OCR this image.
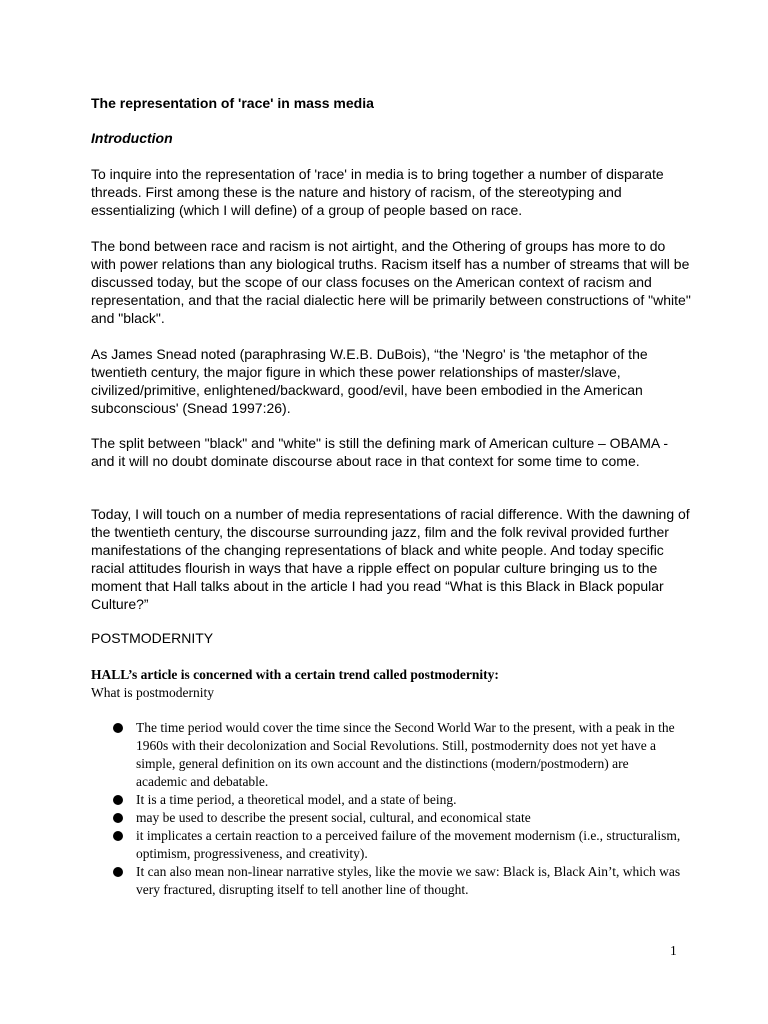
The representation of 'race' in mass media

Introduction

To inquire into the representation of 'race' in media is to bring together a number of disparate threads. First among these is the nature and history of racism, of the stereotyping and essentializing (which I will define) of a group of people based on race.

The bond between race and racism is not airtight, and the Othering of groups has more to do with power relations than any biological truths. Racism itself has a number of streams that will be discussed today, but the scope of our class focuses on the American context of racism and representation, and that the racial dialectic here will be primarily between constructions of "white" and "black".

As James Snead noted (paraphrasing W.E.B. DuBois), “the 'Negro' is 'the metaphor of the twentieth century, the major figure in which these power relationships of master/slave, civilized/primitive, enlightened/backward, good/evil, have been embodied in the American subconscious' (Snead 1997:26).

The split between "black" and "white" is still the defining mark of American culture – OBAMA - and it will no doubt dominate discourse about race in that context for some time to come.

Today, I will touch on a number of media representations of racial difference. With the dawning of the twentieth century, the discourse surrounding jazz, film and the folk revival provided further manifestations of the changing representations of black and white people. And today specific racial attitudes flourish in ways that have a ripple effect on popular culture bringing us to the moment that Hall talks about in the article I had you read “What is this Black in Black popular Culture?”

POSTMODERNITY

HALL’s article is concerned with a certain trend called postmodernity:

What is postmodernity

The time period would cover the time since the Second World War to the present, with a peak in the 1960s with their decolonization and Social Revolutions. Still, postmodernity does not yet have a simple, general definition on its own account and the distinctions (modern/postmodern) are academic and debatable.
It is a time period, a theoretical model, and a state of being.
may be used to describe the present social, cultural, and economical state
it implicates a certain reaction to a perceived failure of the movement modernism (i.e., structuralism, optimism, progressiveness, and creativity).
It can also mean non-linear narrative styles, like the movie we saw: Black is, Black Ain’t, which was very fractured, disrupting itself to tell another line of thought.
1
